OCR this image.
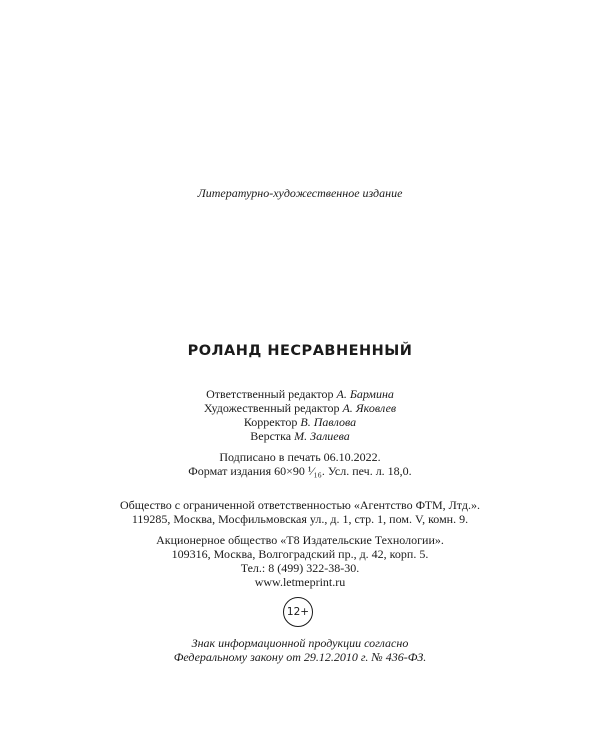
Литературно-художественное издание
РОЛАНД НЕСРАВНЕННЫЙ
Ответственный редактор А. Бармина
Художественный редактор А. Яковлев
Корректор В. Павлова
Верстка М. Залиева
Подписано в печать 06.10.2022.
Формат издания 60×90 ¹⁄₁₆. Усл. печ. л. 18,0.
Общество с ограниченной ответственностью «Агентство ФТМ, Лтд.».
119285, Москва, Мосфильмовская ул., д. 1, стр. 1, пом. V, комн. 9.
Акционерное общество «Т8 Издательские Технологии».
109316, Москва, Волгоградский пр., д. 42, корп. 5.
Тел.: 8 (499) 322-38-30.
www.letmeprint.ru
12+
Знак информационной продукции согласно
Федеральному закону от 29.12.2010 г. № 436-ФЗ.
